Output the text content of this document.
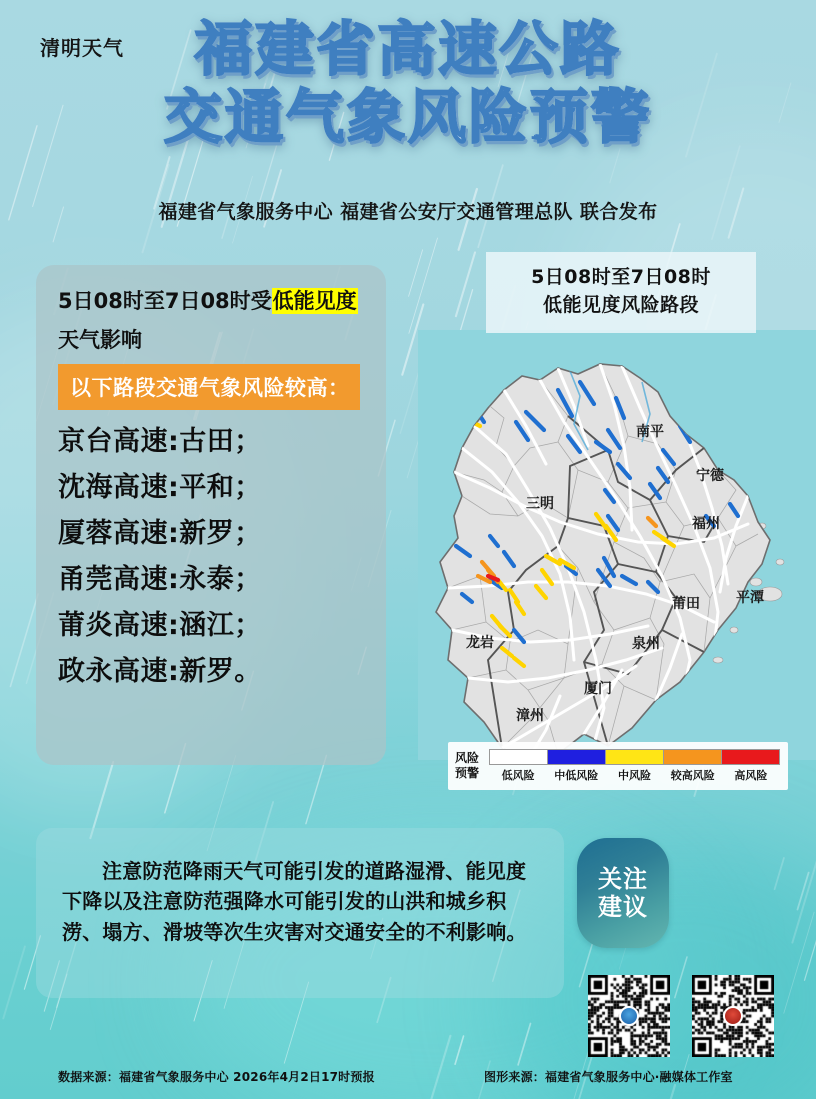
福建省高速公路
交通气象风险预警
福建省气象服务中心 福建省公安厅交通管理总队 联合发布
5日08时至7日08时受低能见度
天气影响
以下路段交通气象风险较高：
京台高速:古田；
沈海高速:平和；
厦蓉高速:新罗；
甬莞高速:永泰；
莆炎高速:涵江；
政永高速:新罗。
5日08时至7日08时
低能见度风险路段
南平
宁德
三明
福州
莆田	平潭
龙岩	泉州
厦门
漳州
风险
预警	低风险	中低风险	中风险	较高风险	高风险

注意防范降雨天气可能引发的道路湿滑、能见度下降以及注意防范强降水可能引发的山洪和城乡积涝、塌方、滑坡等次生灾害对交通安全的不利影响。

关注
建议
数据来源：福建省气象服务中心 2026年4月2日17时预报	图形来源：福建省气象服务中心·融媒体工作室
